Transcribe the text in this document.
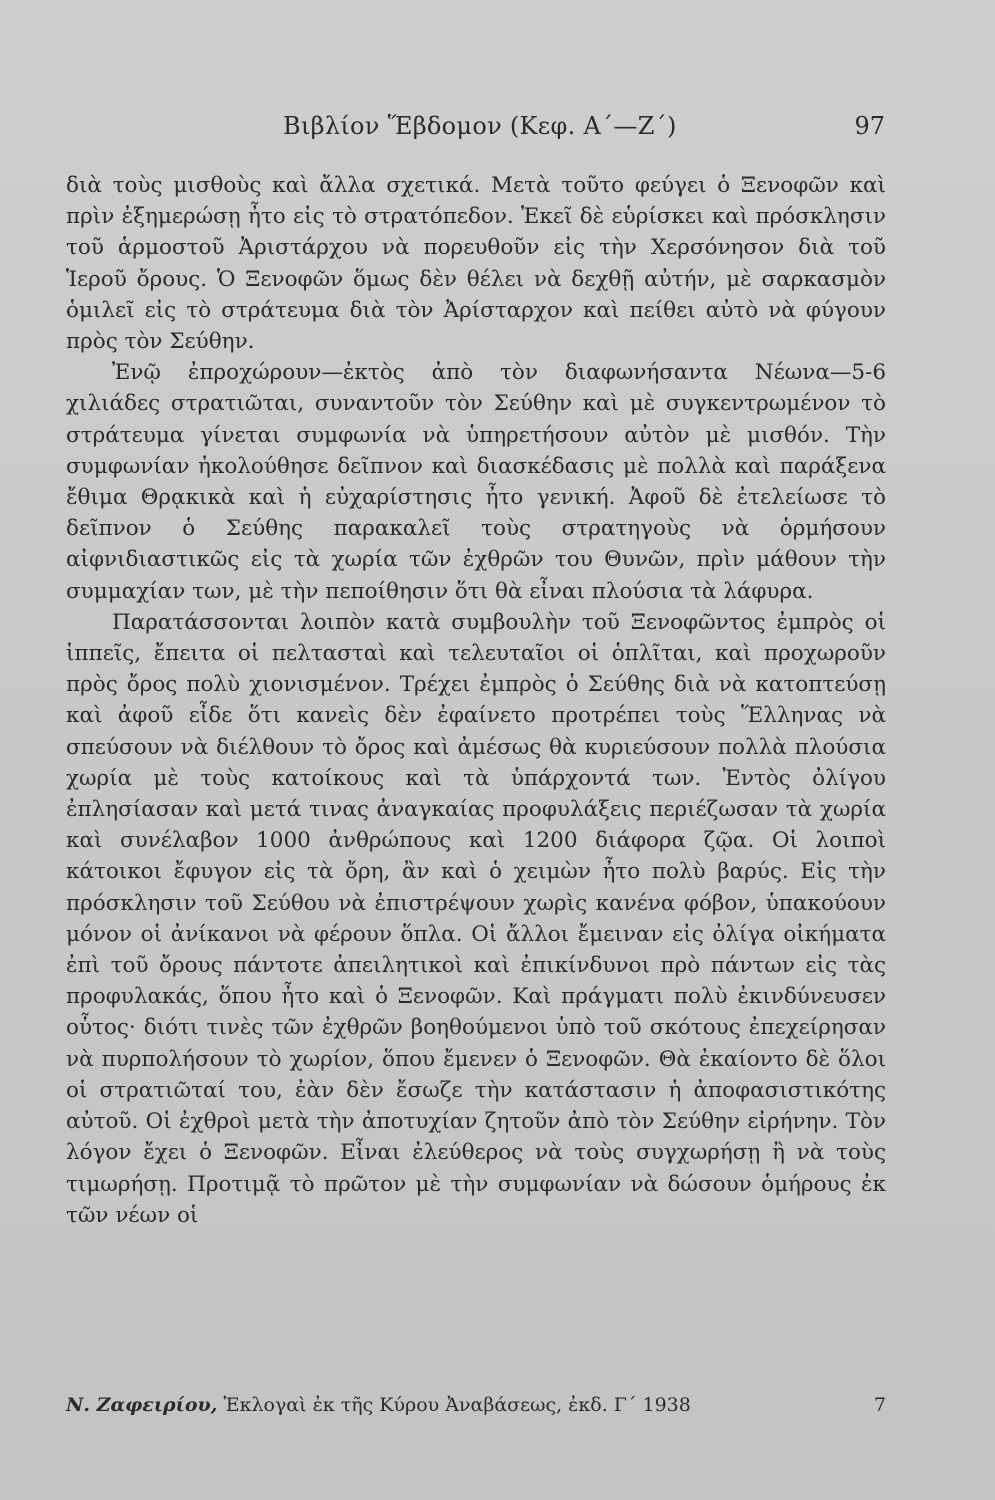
Βιβλίον Ἕβδομον (Κεφ. Α΄—Ζ΄)	97

διὰ τοὺς μισθοὺς καὶ ἄλλα σχετικά. Μετὰ τοῦτο φεύγει ὁ Ξενοφῶν καὶ πρὶν ἐξημερώσῃ ἦτο εἰς τὸ στρατόπεδον. Ἐκεῖ δὲ εὑρίσκει καὶ πρόσκλησιν τοῦ ἁρμοστοῦ Ἀριστάρχου νὰ πορευθοῦν εἰς τὴν Χερσόνησον διὰ τοῦ Ἱεροῦ ὄρους. Ὁ Ξενοφῶν ὅμως δὲν θέλει νὰ δεχθῇ αὐτήν, μὲ σαρκασμὸν ὁμιλεῖ εἰς τὸ στράτευμα διὰ τὸν Ἀρίσταρχον καὶ πείθει αὐτὸ νὰ φύγουν πρὸς τὸν Σεύθην.

Ἐνῷ ἐπροχώρουν—ἐκτὸς ἀπὸ τὸν διαφωνήσαντα Νέωνα—5-6 χιλιάδες στρατιῶται, συναντοῦν τὸν Σεύθην καὶ μὲ συγκεντρωμένον τὸ στράτευμα γίνεται συμφωνία νὰ ὑπηρετήσουν αὐτὸν μὲ μισθόν. Τὴν συμφωνίαν ἠκολούθησε δεῖπνον καὶ διασκέδασις μὲ πολλὰ καὶ παράξενα ἔθιμα Θρᾳκικὰ καὶ ἡ εὐχαρίστησις ἦτο γενική. Ἀφοῦ δὲ ἐτελείωσε τὸ δεῖπνον ὁ Σεύθης παρακαλεῖ τοὺς στρατηγοὺς νὰ ὁρμήσουν αἰφνιδιαστικῶς εἰς τὰ χωρία τῶν ἐχθρῶν του Θυνῶν, πρὶν μάθουν τὴν συμμαχίαν των, μὲ τὴν πεποίθησιν ὅτι θὰ εἶναι πλούσια τὰ λάφυρα.

Παρατάσσονται λοιπὸν κατὰ συμβουλὴν τοῦ Ξενοφῶντος ἐμπρὸς οἱ ἱππεῖς, ἔπειτα οἱ πελτασταὶ καὶ τελευταῖοι οἱ ὁπλῖται, καὶ προχωροῦν πρὸς ὄρος πολὺ χιονισμένον. Τρέχει ἐμπρὸς ὁ Σεύθης διὰ νὰ κατοπτεύσῃ καὶ ἀφοῦ εἶδε ὅτι κανεὶς δὲν ἐφαίνετο προτρέπει τοὺς Ἕλληνας νὰ σπεύσουν νὰ διέλθουν τὸ ὄρος καὶ ἀμέσως θὰ κυριεύσουν πολλὰ πλούσια χωρία μὲ τοὺς κατοίκους καὶ τὰ ὑπάρχοντά των. Ἐντὸς ὀλίγου ἐπλησίασαν καὶ μετά τινας ἀναγκαίας προφυλάξεις περιέζωσαν τὰ χωρία καὶ συνέλαβον 1000 ἀνθρώπους καὶ 1200 διάφορα ζῷα. Οἱ λοιποὶ κάτοικοι ἔφυγον εἰς τὰ ὄρη, ἂν καὶ ὁ χειμὼν ἦτο πολὺ βαρύς. Εἰς τὴν πρόσκλησιν τοῦ Σεύθου νὰ ἐπιστρέψουν χωρὶς κανένα φόβον, ὑπακούουν μόνον οἱ ἀνίκανοι νὰ φέρουν ὅπλα. Οἱ ἄλλοι ἔμειναν εἰς ὀλίγα οἰκήματα ἐπὶ τοῦ ὄρους πάντοτε ἀπειλητικοὶ καὶ ἐπικίνδυνοι πρὸ πάντων εἰς τὰς προφυλακάς, ὅπου ἦτο καὶ ὁ Ξενοφῶν. Καὶ πράγματι πολὺ ἐκινδύνευσεν οὗτος· διότι τινὲς τῶν ἐχθρῶν βοηθούμενοι ὑπὸ τοῦ σκότους ἐπεχείρησαν νὰ πυρπολήσουν τὸ χωρίον, ὅπου ἔμενεν ὁ Ξενοφῶν. Θὰ ἐκαίοντο δὲ ὅλοι οἱ στρατιῶταί του, ἐὰν δὲν ἔσωζε τὴν κατάστασιν ἡ ἀποφασιστικότης αὐτοῦ. Οἱ ἐχθροὶ μετὰ τὴν ἀποτυχίαν ζητοῦν ἀπὸ τὸν Σεύθην εἰρήνην. Τὸν λόγον ἔχει ὁ Ξενοφῶν. Εἶναι ἐλεύθερος νὰ τοὺς συγχωρήσῃ ἢ νὰ τοὺς τιμωρήσῃ. Προτιμᾷ τὸ πρῶτον μὲ τὴν συμφωνίαν νὰ δώσουν ὁμήρους ἐκ τῶν νέων οἱ

Ν. Ζαφειρίου, Ἐκλογαὶ ἐκ τῆς Κύρου Ἀναβάσεως, ἐκδ. Γ΄ 1938	7
